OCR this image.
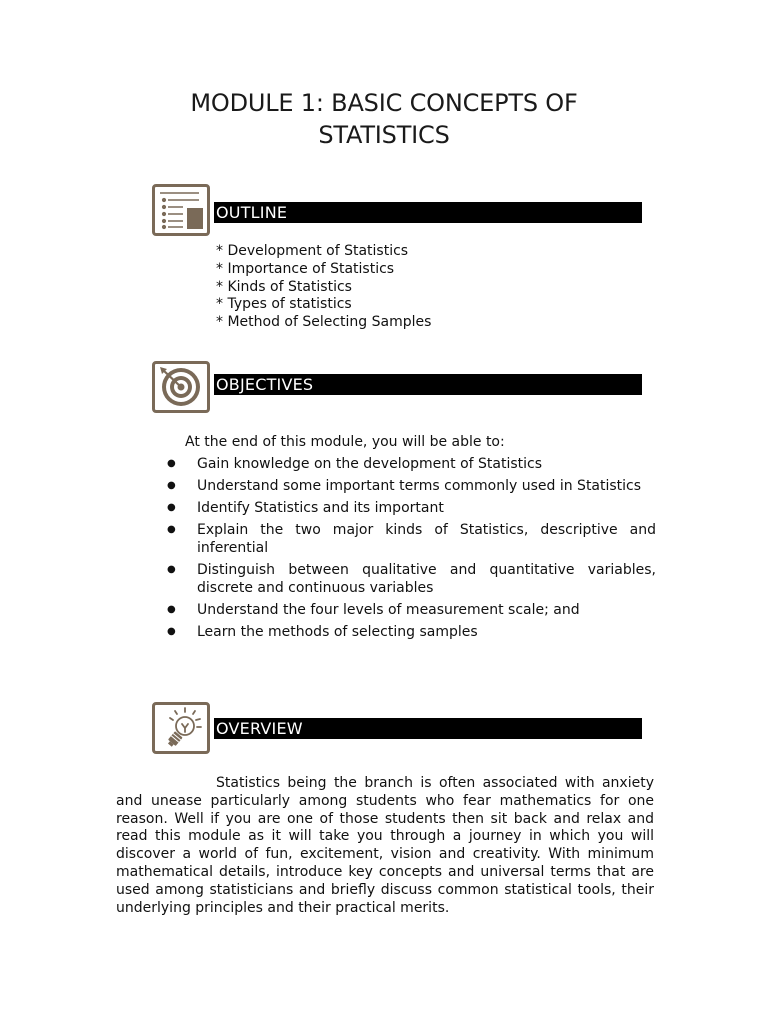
MODULE 1: BASIC CONCEPTS OF
STATISTICS
OUTLINE
* Development of Statistics
* Importance of Statistics
* Kinds of Statistics
* Types of statistics
* Method of Selecting Samples
OBJECTIVES
At the end of this module, you will be able to:
●	Gain knowledge on the development of Statistics
●	Understand some important terms commonly used in Statistics
●	Identify Statistics and its important
●	Explain the two major kinds of Statistics, descriptive and inferential
●	Distinguish between qualitative and quantitative variables, discrete and continuous variables
●	Understand the four levels of measurement scale; and
●	Learn the methods of selecting samples
OVERVIEW

Statistics being the branch is often associated with anxiety and unease particularly among students who fear mathematics for one reason. Well if you are one of those students then sit back and relax and read this module as it will take you through a journey in which you will discover a world of fun, excitement, vision and creativity. With minimum mathematical details, introduce key concepts and universal terms that are used among statisticians and briefly discuss common statistical tools, their underlying principles and their practical merits.
